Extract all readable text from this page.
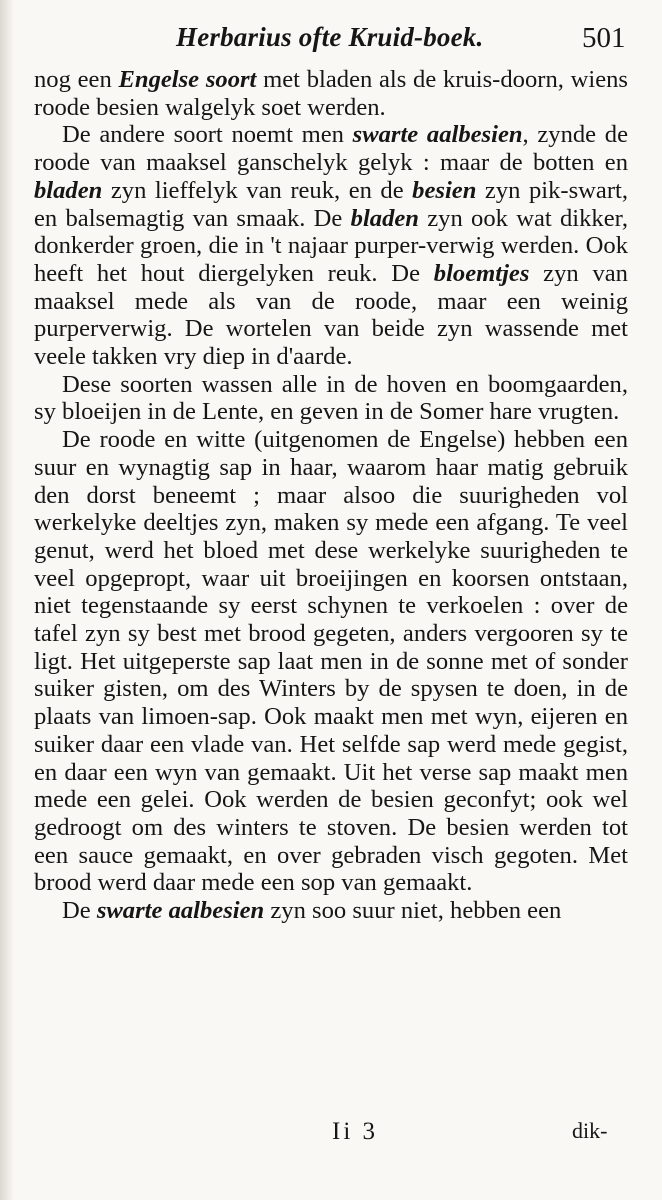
Herbarius ofte Kruid-boek.	501

nog een Engelse soort met bladen als de kruis-doorn, wiens roode besien walgelyk soet werden.

De andere soort noemt men swarte aalbesien, zynde de roode van maaksel ganschelyk gelyk : maar de botten en bladen zyn lieffelyk van reuk, en de besien zyn pik-swart, en balsemagtig van smaak. De bladen zyn ook wat dikker, donkerder groen, die in 't najaar purper-verwig werden. Ook heeft het hout diergelyken reuk. De bloemtjes zyn van maaksel mede als van de roode, maar een weinig purperverwig. De wortelen van beide zyn wassende met veele takken vry diep in d'aarde.

Dese soorten wassen alle in de hoven en boomgaarden, sy bloeijen in de Lente, en geven in de Somer hare vrugten.

De roode en witte (uitgenomen de Engelse) hebben een suur en wynagtig sap in haar, waarom haar matig gebruik den dorst beneemt ; maar alsoo die suurigheden vol werkelyke deeltjes zyn, maken sy mede een afgang. Te veel genut, werd het bloed met dese werkelyke suurigheden te veel opgepropt, waar uit broeijingen en koorsen ontstaan, niet tegenstaande sy eerst schynen te verkoelen : over de tafel zyn sy best met brood gegeten, anders vergooren sy te ligt. Het uitgeperste sap laat men in de sonne met of sonder suiker gisten, om des Winters by de spysen te doen, in de plaats van limoen-sap. Ook maakt men met wyn, eijeren en suiker daar een vlade van. Het selfde sap werd mede gegist, en daar een wyn van gemaakt. Uit het verse sap maakt men mede een gelei. Ook werden de besien geconfyt; ook wel gedroogt om des winters te stoven. De besien werden tot een sauce gemaakt, en over gebraden visch gegoten. Met brood werd daar mede een sop van gemaakt.

De swarte aalbesien zyn soo suur niet, hebben een

Ii 3	dik-
